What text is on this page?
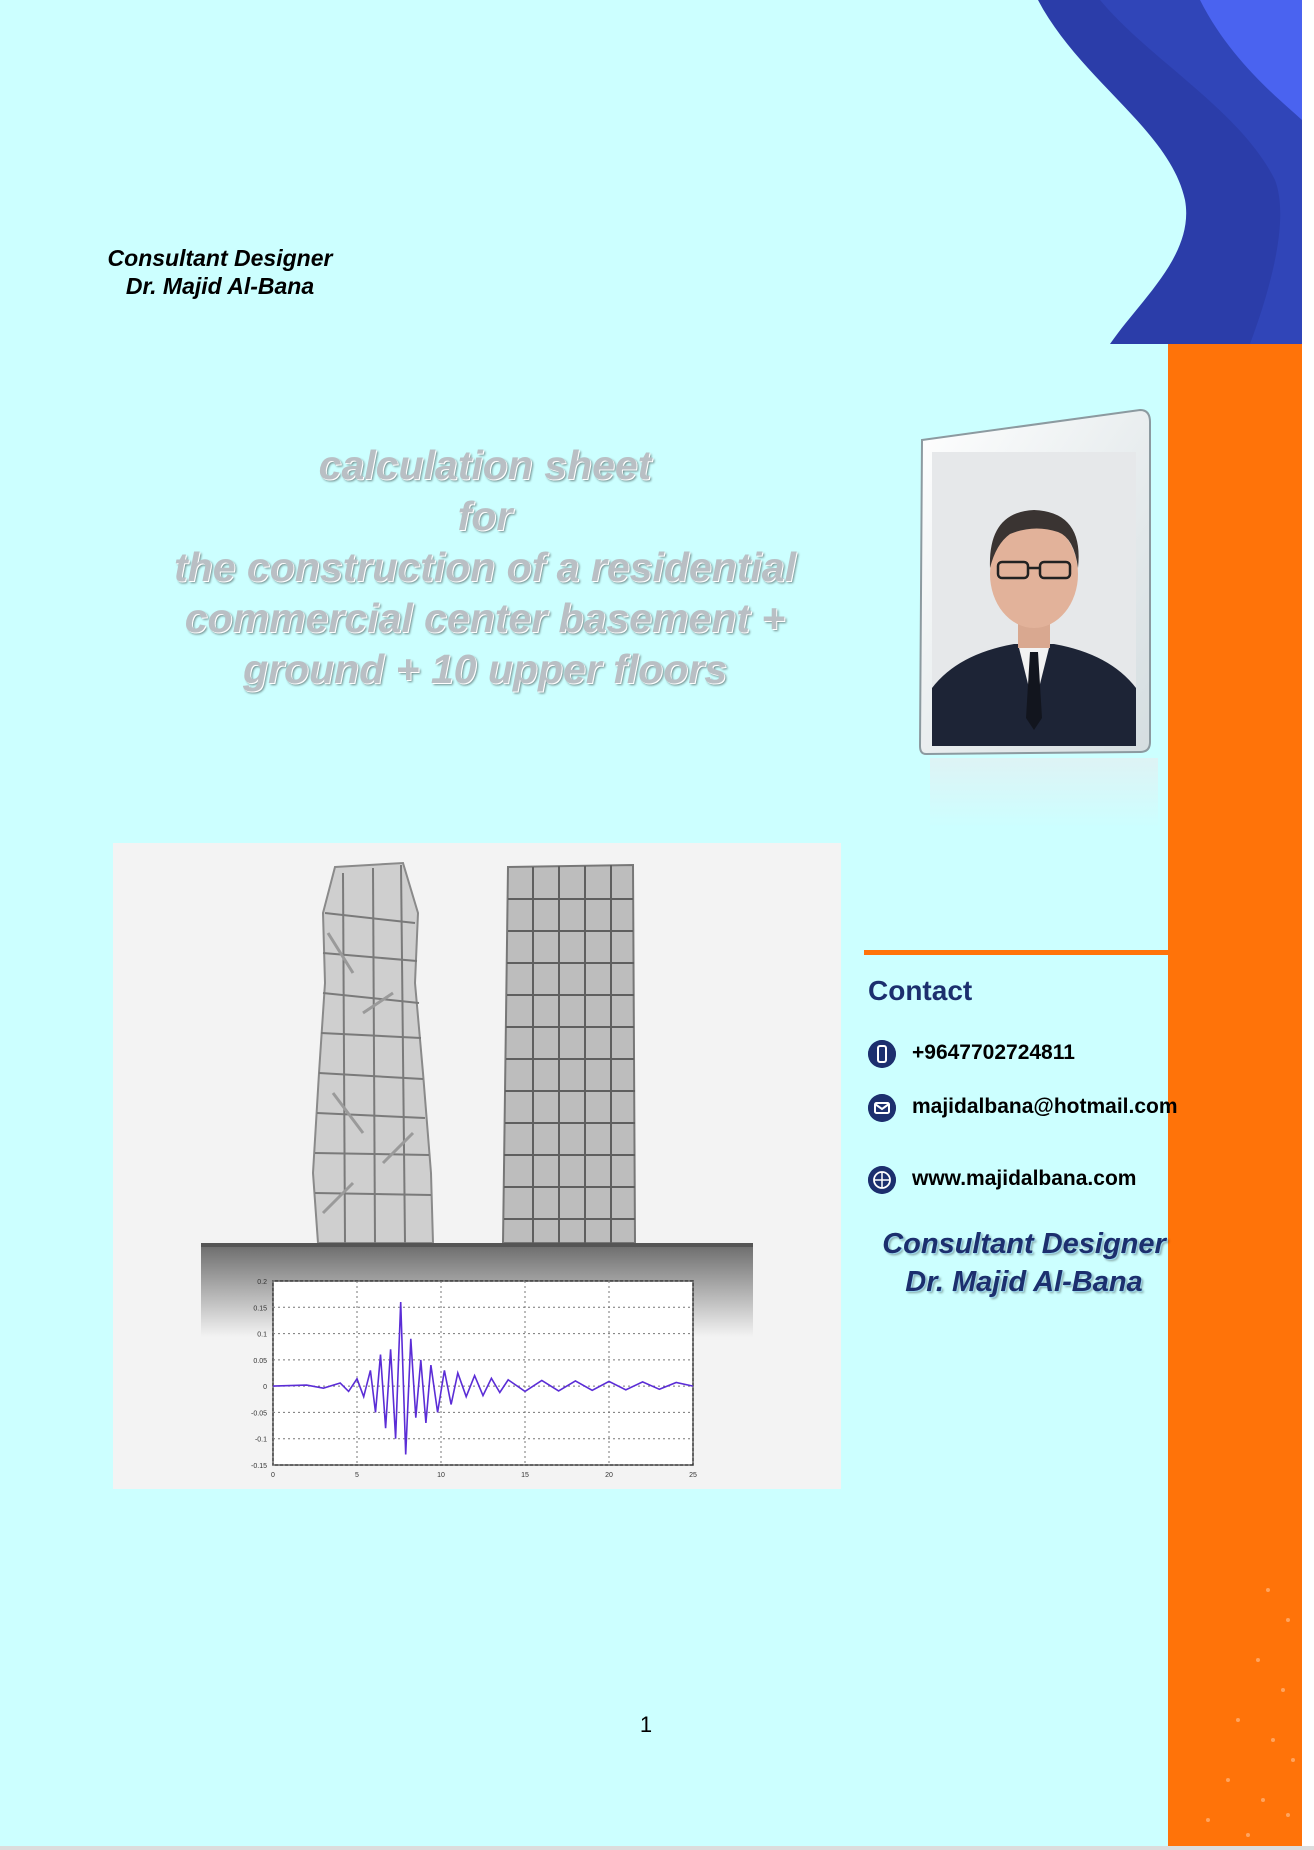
Consultant Designer
Dr. Majid Al-Bana
calculation sheet
for
the construction of a residential
commercial center basement +
ground + 10 upper floors
0.2
0.15
0.1
0.05
0
-0.05
-0.1
-0.15
0	5	10	15	20	25
Contact
+9647702724811
majidalbana@hotmail.com
www.majidalbana.com
Consultant Designer
Dr. Majid Al-Bana
1
